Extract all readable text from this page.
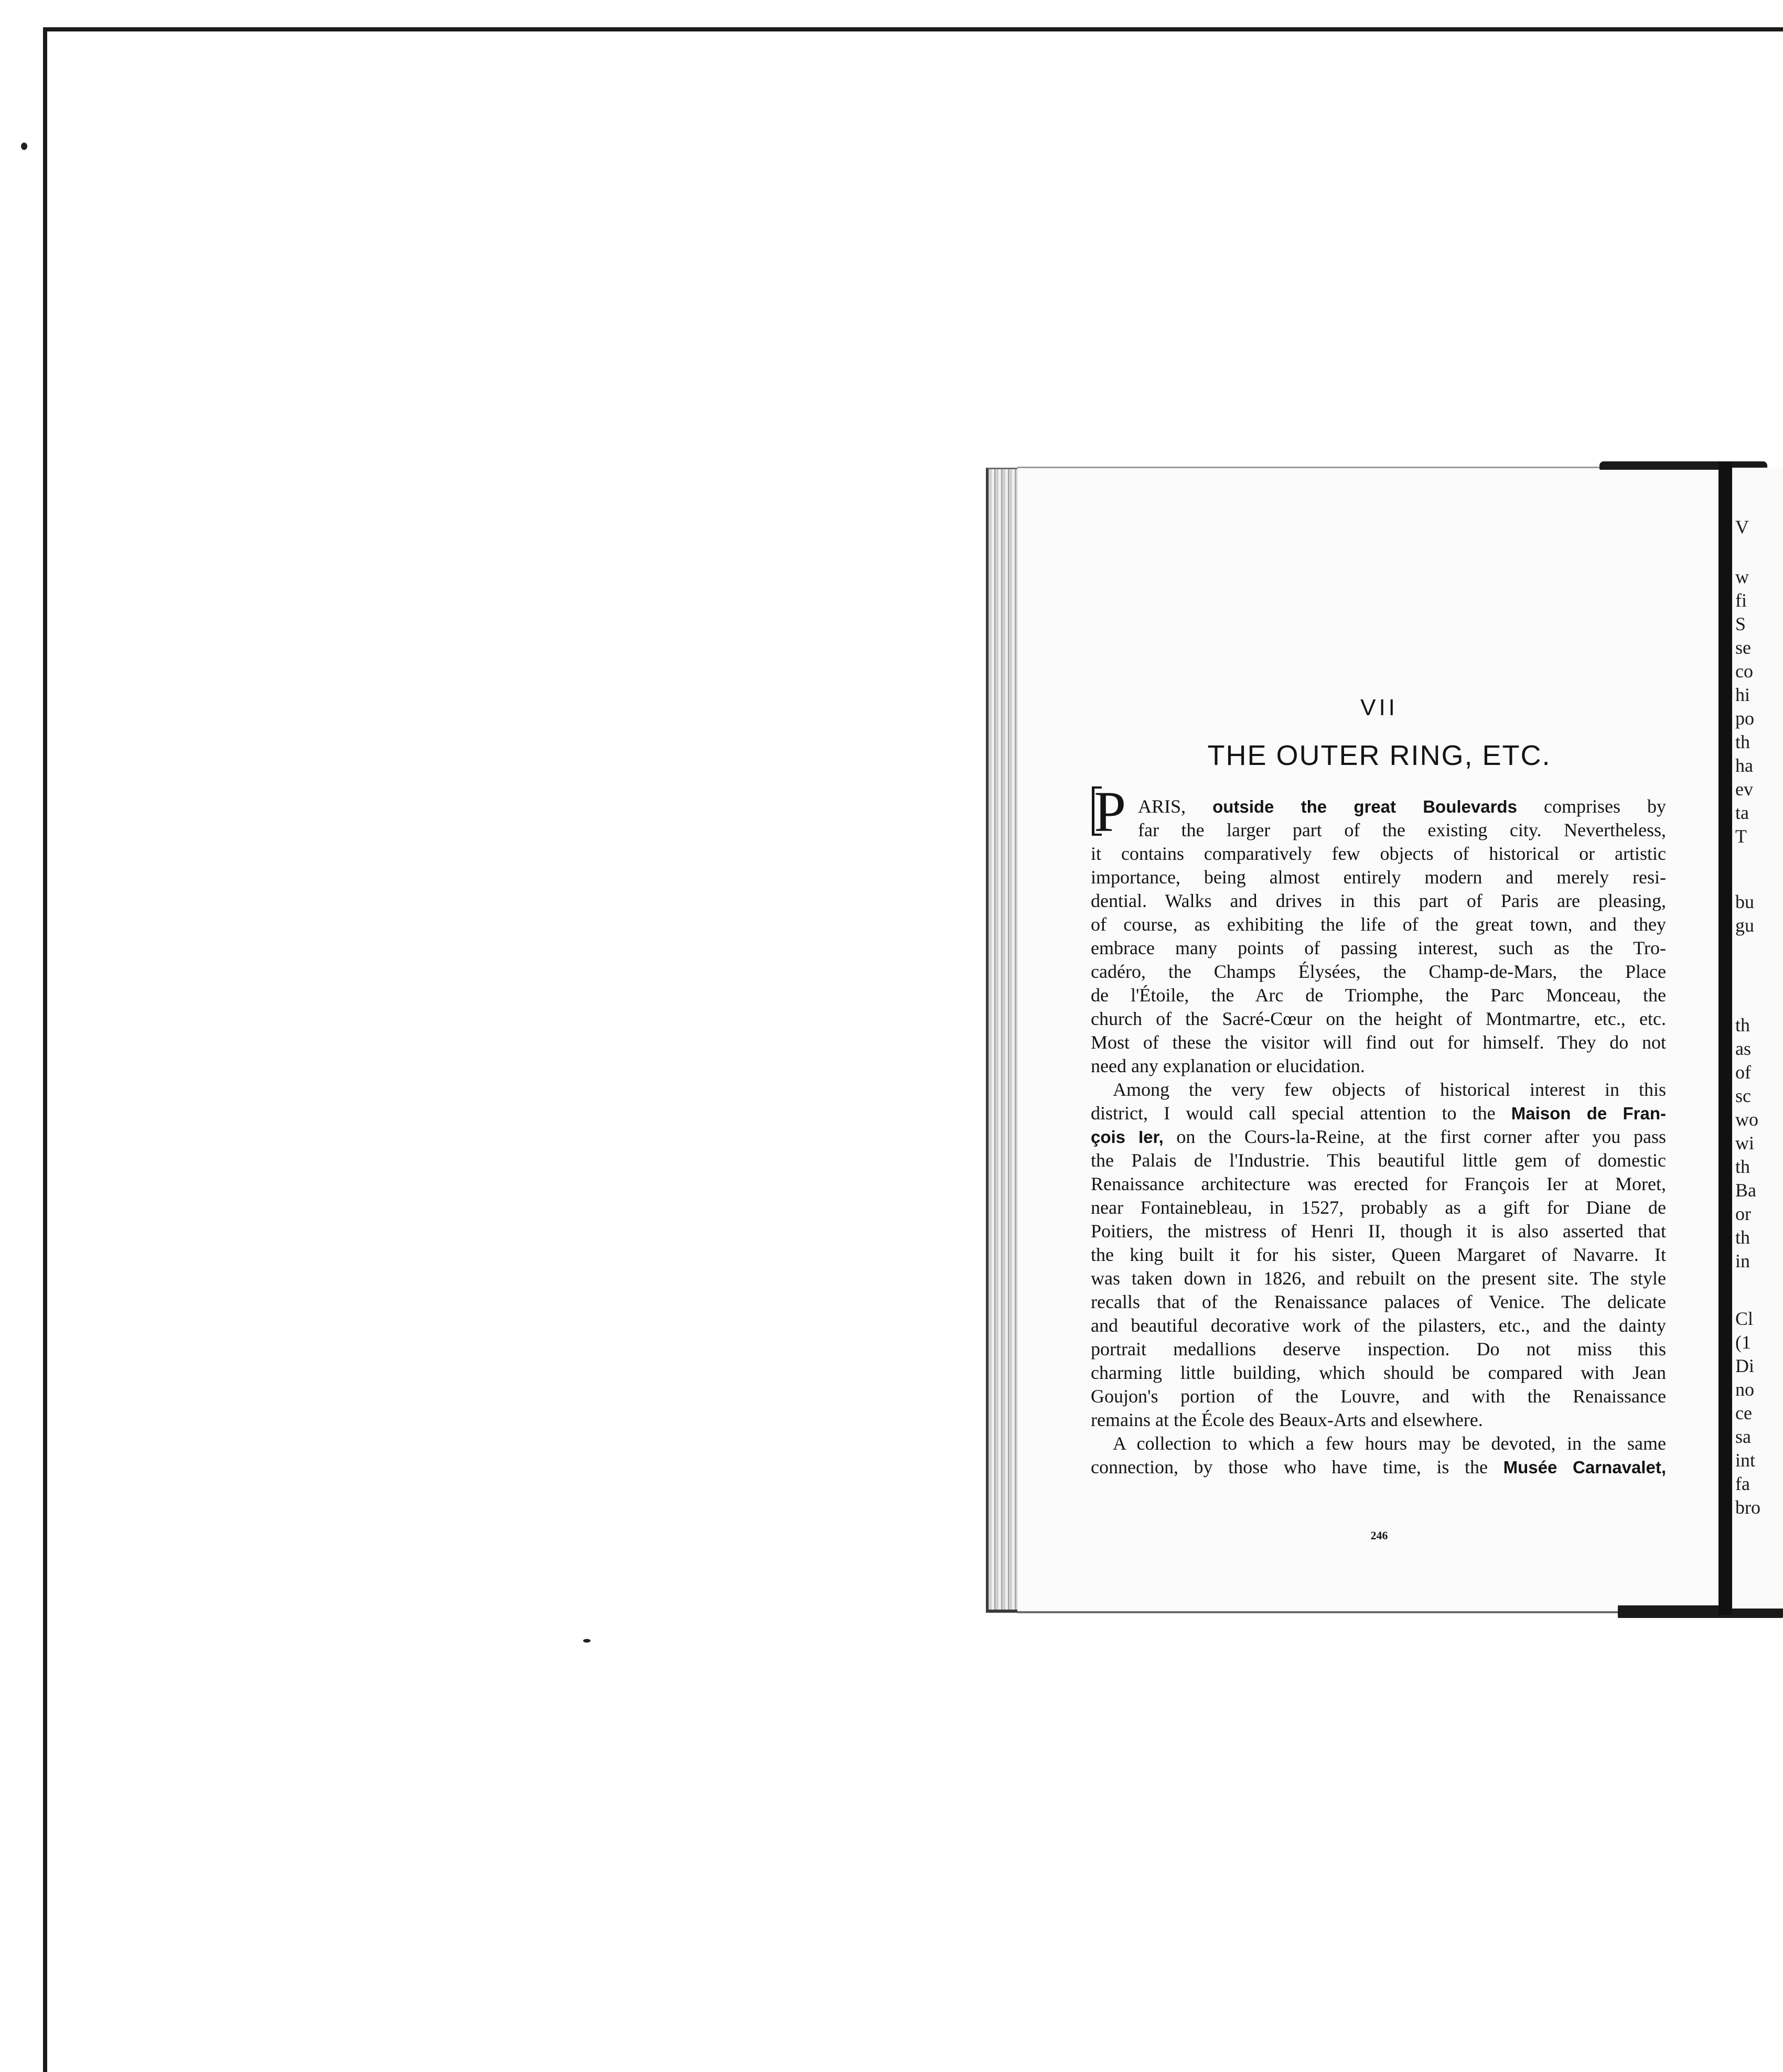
V
w
fi
S
se
co
hi
po
th
ha
ev
ta
T
bu
gu
th
as
of
sc
wo
wi
th
Ba
or
th
in
Cl
(1
Di
no
ce
sa
int
fa
bro
VII
THE OUTER RING, ETC.
P ARIS, outside the great Boulevards comprises by
far the larger part of the existing city. Nevertheless,
it contains comparatively few objects of historical or artistic
importance, being almost entirely modern and merely resi-
dential. Walks and drives in this part of Paris are pleasing,
of course, as exhibiting the life of the great town, and they
embrace many points of passing interest, such as the Tro-
cadéro, the Champs Élysées, the Champ-de-Mars, the Place
de l'Étoile, the Arc de Triomphe, the Parc Monceau, the
church of the Sacré-Cœur on the height of Montmartre, etc., etc.
Most of these the visitor will find out for himself. They do not
need any explanation or elucidation.
Among the very few objects of historical interest in this
district, I would call special attention to the Maison de Fran-
çois Ier, on the Cours-la-Reine, at the first corner after you pass
the Palais de l'Industrie. This beautiful little gem of domestic
Renaissance architecture was erected for François Ier at Moret,
near Fontainebleau, in 1527, probably as a gift for Diane de
Poitiers, the mistress of Henri II, though it is also asserted that
the king built it for his sister, Queen Margaret of Navarre. It
was taken down in 1826, and rebuilt on the present site. The style
recalls that of the Renaissance palaces of Venice. The delicate
and beautiful decorative work of the pilasters, etc., and the dainty
portrait medallions deserve inspection. Do not miss this
charming little building, which should be compared with Jean
Goujon's portion of the Louvre, and with the Renaissance
remains at the École des Beaux-Arts and elsewhere.
A collection to which a few hours may be devoted, in the same
connection, by those who have time, is the Musée Carnavalet,
246
